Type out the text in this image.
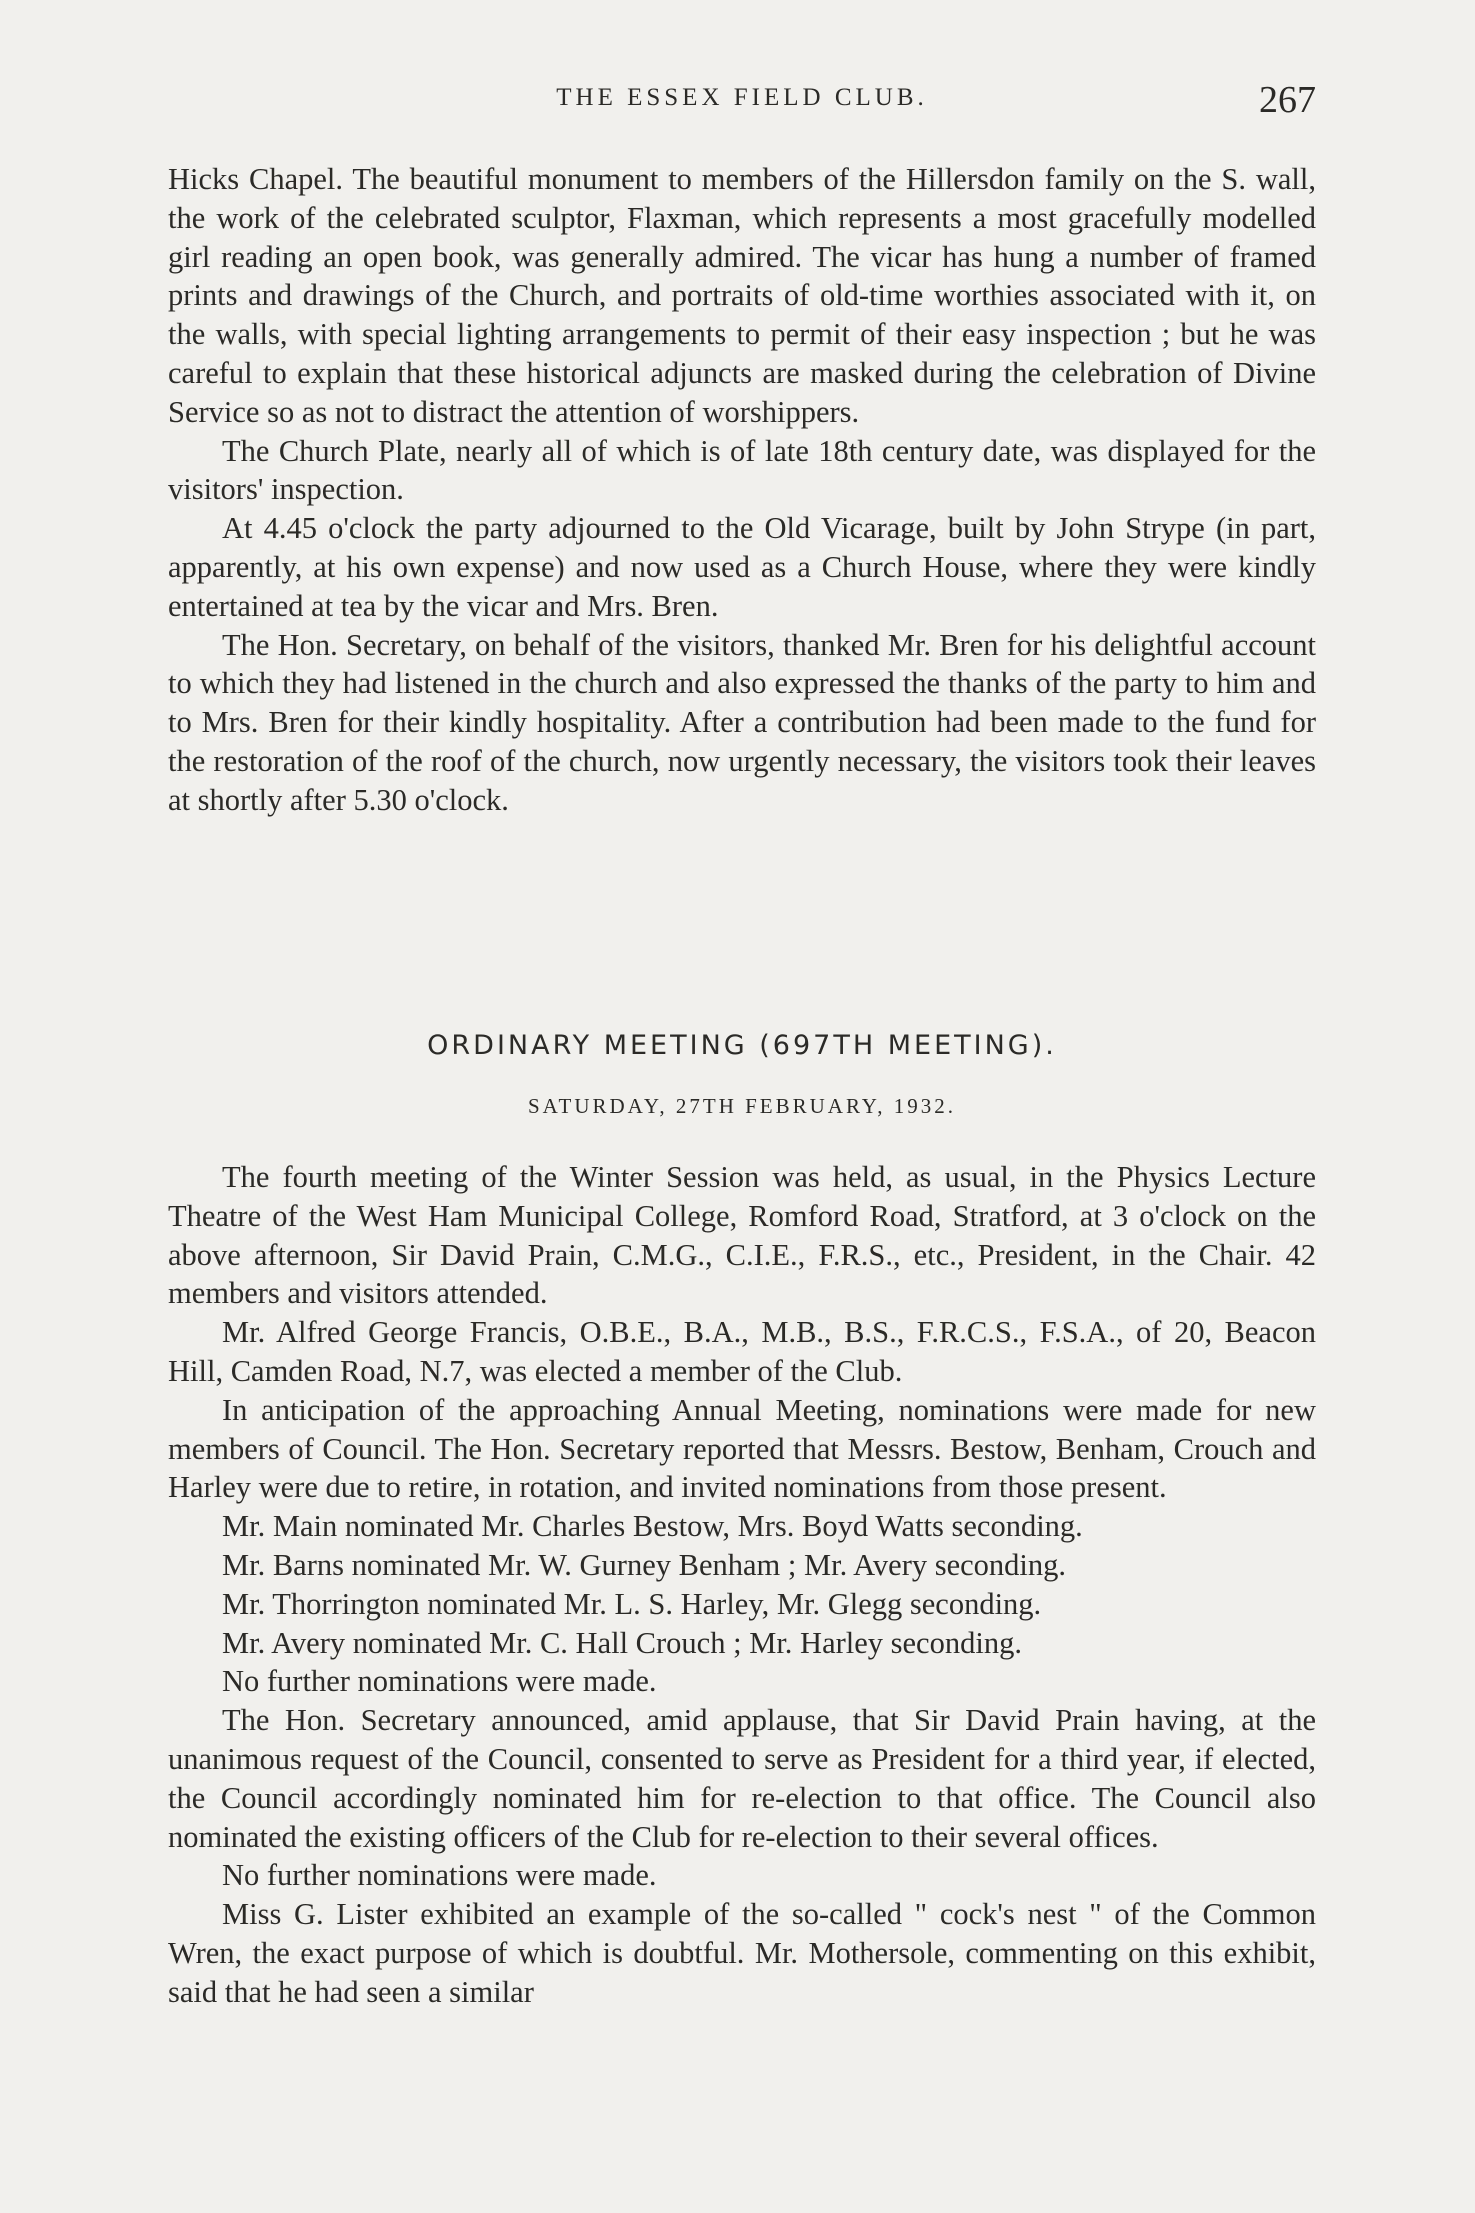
THE ESSEX FIELD CLUB.	267

Hicks Chapel. The beautiful monument to members of the Hillersdon family on the S. wall, the work of the celebrated sculptor, Flaxman, which represents a most gracefully modelled girl reading an open book, was generally admired. The vicar has hung a number of framed prints and drawings of the Church, and portraits of old-time worthies associated with it, on the walls, with special lighting arrangements to permit of their easy inspection ; but he was careful to explain that these historical adjuncts are masked during the celebration of Divine Service so as not to distract the attention of worshippers.

The Church Plate, nearly all of which is of late 18th century date, was displayed for the visitors' inspection.

At 4.45 o'clock the party adjourned to the Old Vicarage, built by John Strype (in part, apparently, at his own expense) and now used as a Church House, where they were kindly entertained at tea by the vicar and Mrs. Bren.

The Hon. Secretary, on behalf of the visitors, thanked Mr. Bren for his delightful account to which they had listened in the church and also expressed the thanks of the party to him and to Mrs. Bren for their kindly hospitality. After a contribution had been made to the fund for the restoration of the roof of the church, now urgently necessary, the visitors took their leaves at shortly after 5.30 o'clock.

ORDINARY MEETING (697TH MEETING).
SATURDAY, 27TH FEBRUARY, 1932.

The fourth meeting of the Winter Session was held, as usual, in the Physics Lecture Theatre of the West Ham Municipal College, Romford Road, Stratford, at 3 o'clock on the above afternoon, Sir David Prain, C.M.G., C.I.E., F.R.S., etc., President, in the Chair. 42 members and visitors attended.

Mr. Alfred George Francis, O.B.E., B.A., M.B., B.S., F.R.C.S., F.S.A., of 20, Beacon Hill, Camden Road, N.7, was elected a member of the Club.

In anticipation of the approaching Annual Meeting, nominations were made for new members of Council. The Hon. Secretary reported that Messrs. Bestow, Benham, Crouch and Harley were due to retire, in rotation, and invited nominations from those present.

Mr. Main nominated Mr. Charles Bestow, Mrs. Boyd Watts seconding.

Mr. Barns nominated Mr. W. Gurney Benham ; Mr. Avery seconding.

Mr. Thorrington nominated Mr. L. S. Harley, Mr. Glegg seconding.

Mr. Avery nominated Mr. C. Hall Crouch ; Mr. Harley seconding.

No further nominations were made.

The Hon. Secretary announced, amid applause, that Sir David Prain having, at the unanimous request of the Council, consented to serve as President for a third year, if elected, the Council accordingly nominated him for re-election to that office. The Council also nominated the existing officers of the Club for re-election to their several offices.

No further nominations were made.

Miss G. Lister exhibited an example of the so-called " cock's nest " of the Common Wren, the exact purpose of which is doubtful. Mr. Mothersole, commenting on this exhibit, said that he had seen a similar
